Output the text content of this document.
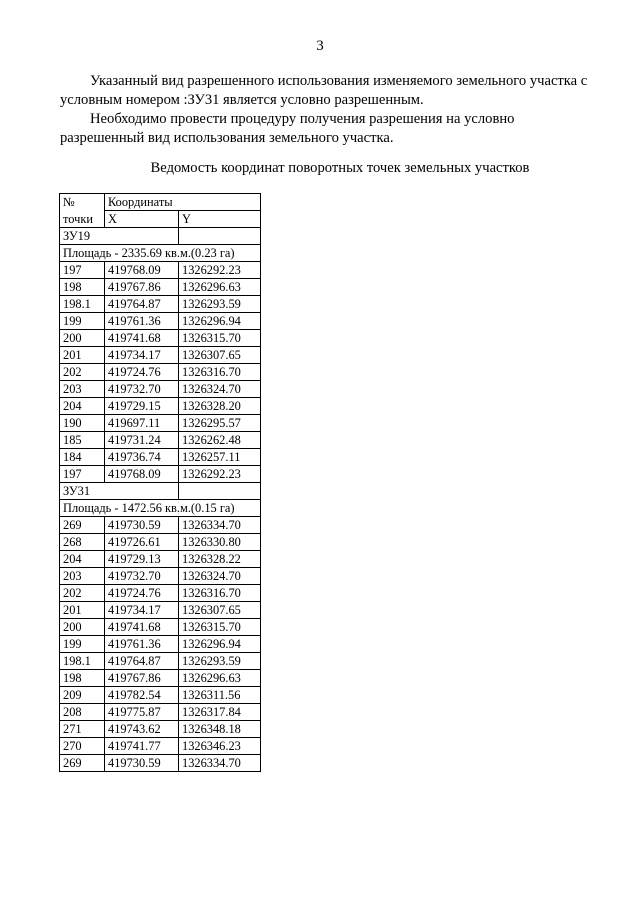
3

Указанный вид разрешенного использования изменяемого земельного участка с условным номером :ЗУ31 является условно разрешенным.

Необходимо провести процедуру получения разрешения на условно разрешенный вид использования земельного участка.

Ведомость координат поворотных точек земельных участков
№	Координаты	
точки	X	Y
ЗУ19		
Площадь - 2335.69 кв.м.(0.23 га)		
197	419768.09	1326292.23
198	419767.86	1326296.63
198.1	419764.87	1326293.59
199	419761.36	1326296.94
200	419741.68	1326315.70
201	419734.17	1326307.65
202	419724.76	1326316.70
203	419732.70	1326324.70
204	419729.15	1326328.20
190	419697.11	1326295.57
185	419731.24	1326262.48
184	419736.74	1326257.11
197	419768.09	1326292.23
ЗУ31		
Площадь - 1472.56 кв.м.(0.15 га)		
269	419730.59	1326334.70
268	419726.61	1326330.80
204	419729.13	1326328.22
203	419732.70	1326324.70
202	419724.76	1326316.70
201	419734.17	1326307.65
200	419741.68	1326315.70
199	419761.36	1326296.94
198.1	419764.87	1326293.59
198	419767.86	1326296.63
209	419782.54	1326311.56
208	419775.87	1326317.84
271	419743.62	1326348.18
270	419741.77	1326346.23
269	419730.59	1326334.70
